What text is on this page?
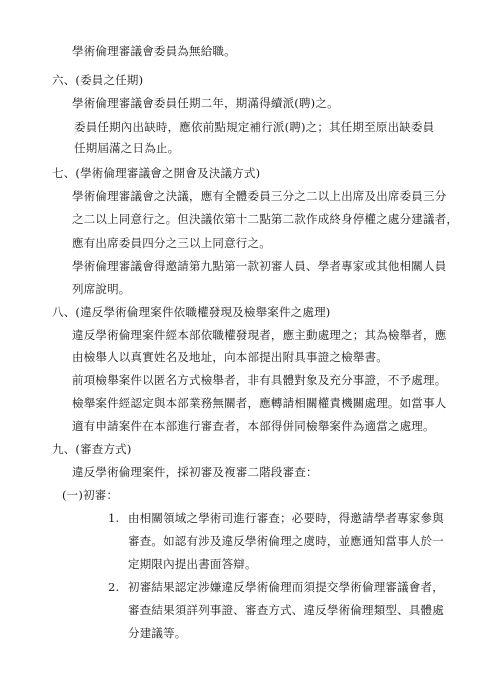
學術倫理審議會委員為無給職。
六、(委員之任期)
學術倫理審議會委員任期二年，期滿得續派(聘)之。
委員任期內出缺時，應依前點規定補行派(聘)之；其任期至原出缺委員
任期屆滿之日為止。
七、(學術倫理審議會之開會及決議方式)
學術倫理審議會之決議，應有全體委員三分之二以上出席及出席委員三分
之二以上同意行之。但決議依第十二點第二款作成終身停權之處分建議者，
應有出席委員四分之三以上同意行之。
學術倫理審議會得邀請第九點第一款初審人員、學者專家或其他相關人員
列席說明。
八、(違反學術倫理案件依職權發現及檢舉案件之處理)
違反學術倫理案件經本部依職權發現者，應主動處理之；其為檢舉者，應
由檢舉人以真實姓名及地址，向本部提出附具事證之檢舉書。
前項檢舉案件以匿名方式檢舉者，非有具體對象及充分事證，不予處理。
檢舉案件經認定與本部業務無關者，應轉請相關權責機關處理。如當事人
適有申請案件在本部進行審查者，本部得併同檢舉案件為適當之處理。
九、(審查方式)
違反學術倫理案件，採初審及複審二階段審查：
(一)初審：
1. 由相關領域之學術司進行審查；必要時，得邀請學者專家參與
審查。如認有涉及違反學術倫理之虞時，並應通知當事人於一
定期限內提出書面答辯。
2. 初審結果認定涉嫌違反學術倫理而須提交學術倫理審議會者，
審查結果須詳列事證、審查方式、違反學術倫理類型、具體處
分建議等。
